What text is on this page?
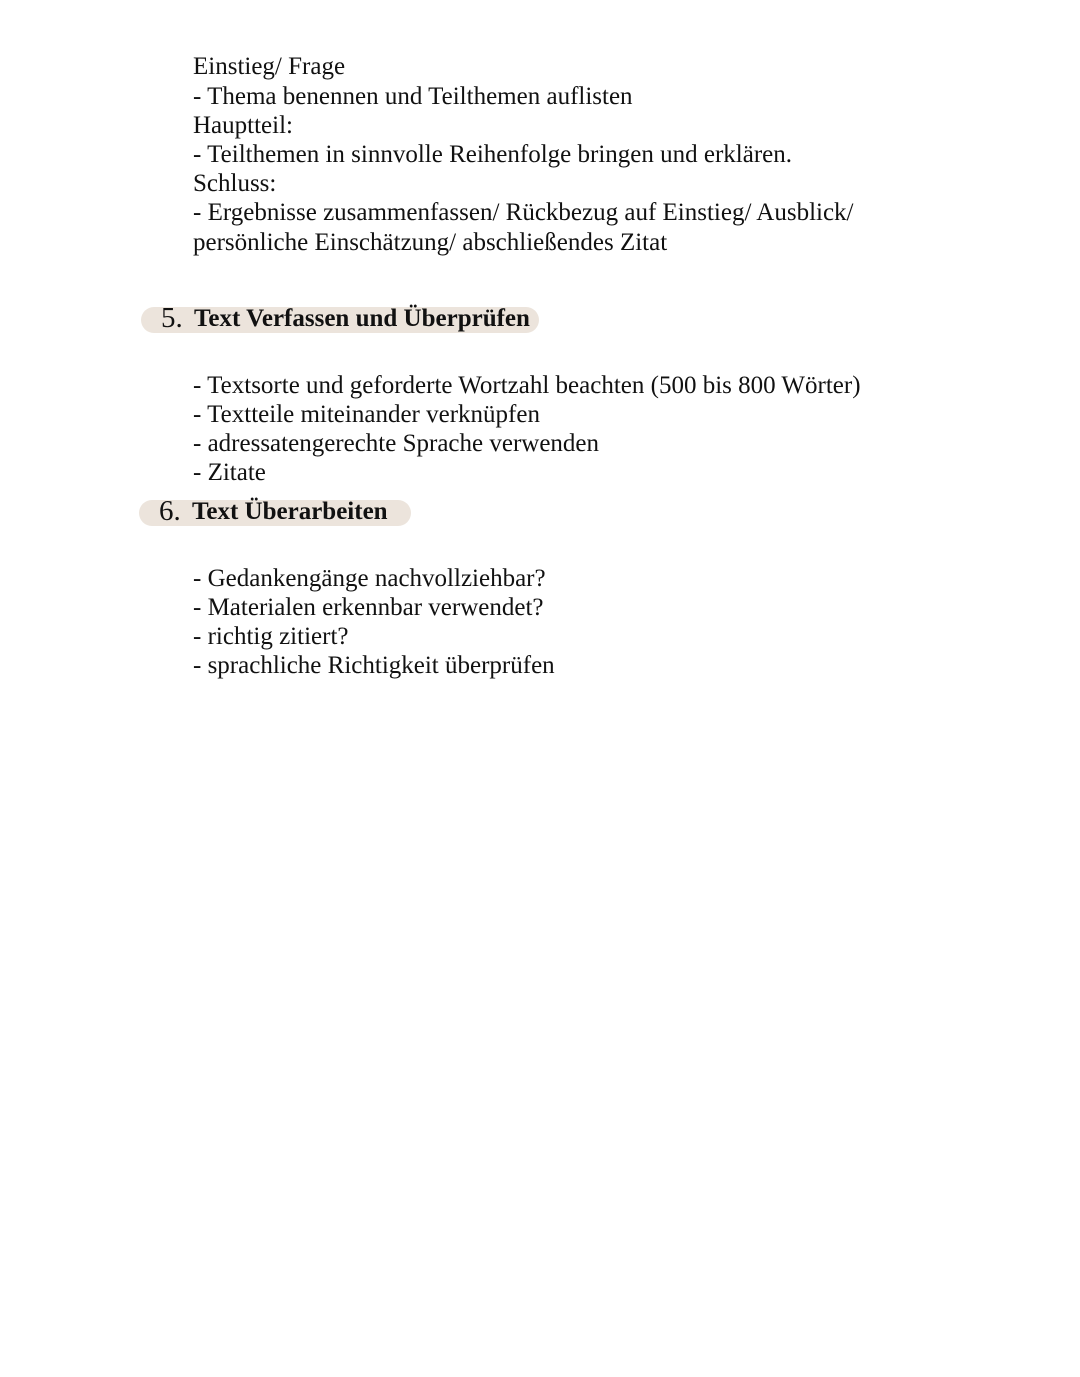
Einstieg/ Frage
- Thema benennen und Teilthemen auflisten
Hauptteil:
- Teilthemen in sinnvolle Reihenfolge bringen und erklären.
Schluss:
- Ergebnisse zusammenfassen/ Rückbezug auf Einstieg/ Ausblick/
persönliche Einschätzung/ abschließendes Zitat
5. Text Verfassen und Überprüfen
- Textsorte und geforderte Wortzahl beachten (500 bis 800 Wörter)
- Textteile miteinander verknüpfen
- adressatengerechte Sprache verwenden
- Zitate
6. Text Überarbeiten
- Gedankengänge nachvollziehbar?
- Materialen erkennbar verwendet?
- richtig zitiert?
- sprachliche Richtigkeit überprüfen
